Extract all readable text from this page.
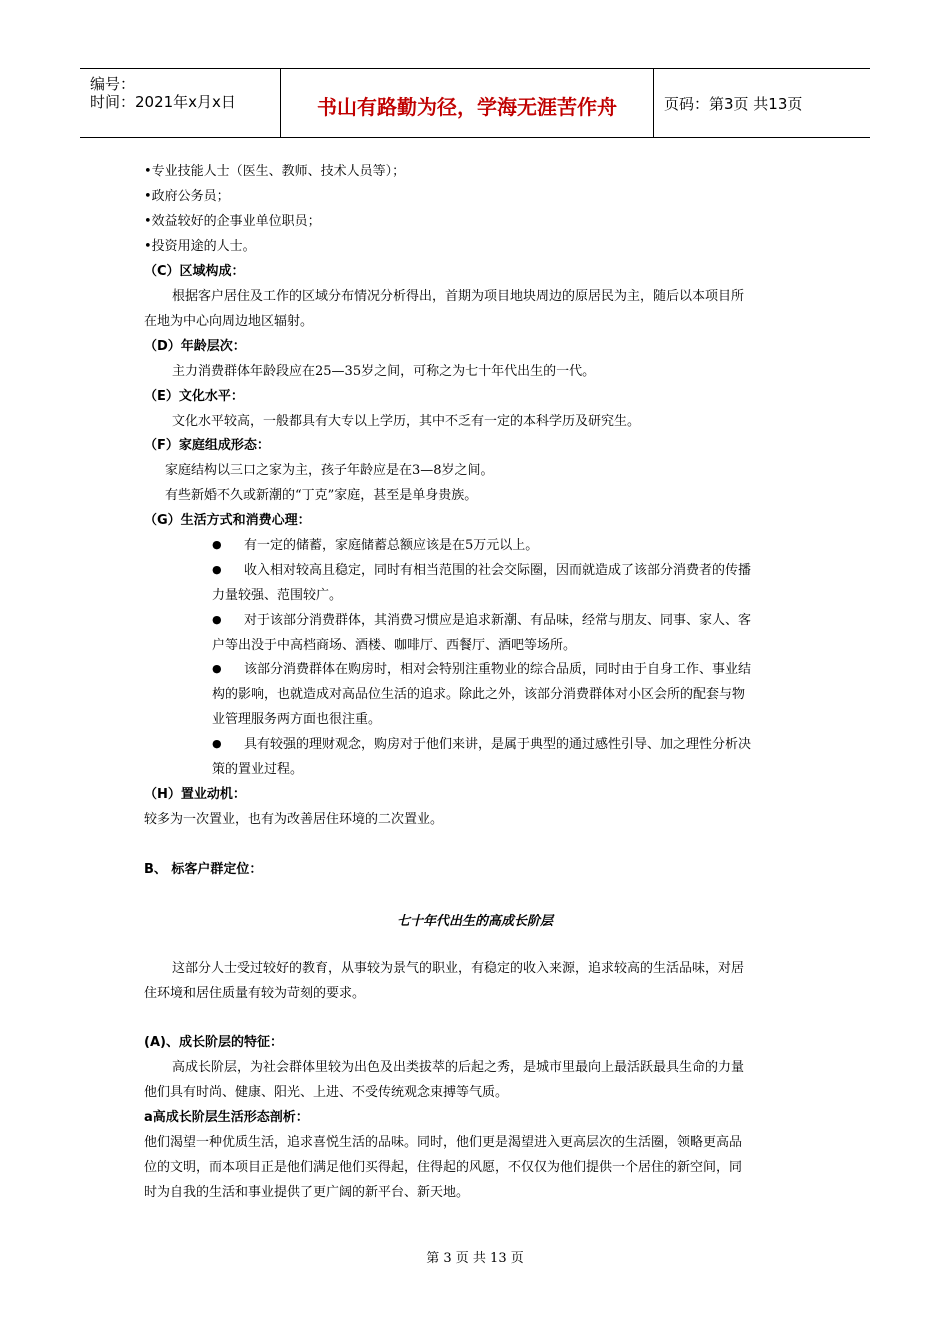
编号：
时间：2021年x月x日	书山有路勤为径，学海无涯苦作舟	页码：第3页 共13页
•专业技能人士（医生、教师、技术人员等）；
•政府公务员；
•效益较好的企事业单位职员；
•投资用途的人士。
（C）区域构成：
根据客户居住及工作的区域分布情况分析得出，首期为项目地块周边的原居民为主，随后以本项目所
在地为中心向周边地区辐射。
（D）年龄层次：
主力消费群体年龄段应在25—35岁之间，可称之为七十年代出生的一代。
（E）文化水平：
文化水平较高，一般都具有大专以上学历，其中不乏有一定的本科学历及研究生。
（F）家庭组成形态：
家庭结构以三口之家为主，孩子年龄应是在3—8岁之间。
有些新婚不久或新潮的“丁克”家庭，甚至是单身贵族。
（G）生活方式和消费心理：
● 有一定的储蓄，家庭储蓄总额应该是在5万元以上。
● 收入相对较高且稳定，同时有相当范围的社会交际圈，因而就造成了该部分消费者的传播
力量较强、范围较广。
● 对于该部分消费群体，其消费习惯应是追求新潮、有品味，经常与朋友、同事、家人、客
户等出没于中高档商场、酒楼、咖啡厅、西餐厅、酒吧等场所。
● 该部分消费群体在购房时，相对会特别注重物业的综合品质，同时由于自身工作、事业结
构的影响，也就造成对高品位生活的追求。除此之外，该部分消费群体对小区会所的配套与物
业管理服务两方面也很注重。
● 具有较强的理财观念，购房对于他们来讲，是属于典型的通过感性引导、加之理性分析决
策的置业过程。
（H）置业动机：
较多为一次置业，也有为改善居住环境的二次置业。
B、 标客户群定位：
七十年代出生的高成长阶层
这部分人士受过较好的教育，从事较为景气的职业，有稳定的收入来源，追求较高的生活品味，对居
住环境和居住质量有较为苛刻的要求。
(A)、成长阶层的特征：
高成长阶层，为社会群体里较为出色及出类拔萃的后起之秀，是城市里最向上最活跃最具生命的力量
他们具有时尚、健康、阳光、上进、不受传统观念束搏等气质。
a高成长阶层生活形态剖析：
他们渴望一种优质生活，追求喜悦生活的品味。同时，他们更是渴望进入更高层次的生活圈，领略更高品
位的文明，而本项目正是他们满足他们买得起，住得起的风愿，不仅仅为他们提供一个居住的新空间，同
时为自我的生活和事业提供了更广阔的新平台、新天地。
第 3 页 共 13 页
